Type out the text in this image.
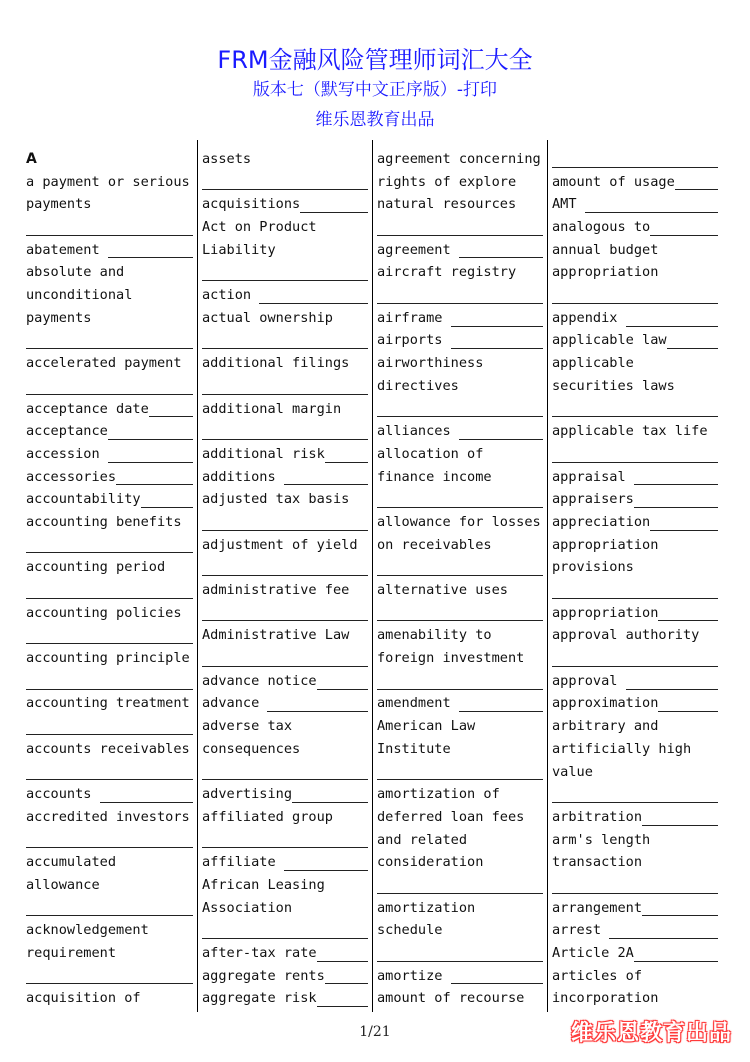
FRM金融风险管理师词汇大全
版本七（默写中文正序版）-打印
维乐恩教育出品
A
a payment or serious
payments
abatement
absolute and
unconditional
payments
accelerated payment
acceptance date
acceptance
accession
accessories
accountability
accounting benefits
accounting period
accounting policies
accounting principle
accounting treatment
accounts receivables
accounts
accredited investors
accumulated
allowance
acknowledgement
requirement
acquisition of
assets
acquisitions
Act on Product
Liability
action
actual ownership
additional filings
additional margin
additional risk
additions
adjusted tax basis
adjustment of yield
administrative fee
Administrative Law
advance notice
advance
adverse tax
consequences
advertising
affiliated group
affiliate
African Leasing
Association
after-tax rate
aggregate rents
aggregate risk
agreement concerning
rights of explore
natural resources
agreement
aircraft registry
airframe
airports
airworthiness
directives
alliances
allocation of
finance income
allowance for losses
on receivables
alternative uses
amenability to
foreign investment
amendment
American Law
Institute
amortization of
deferred loan fees
and related
consideration
amortization
schedule
amortize
amount of recourse
amount of usage
AMT
analogous to
annual budget
appropriation
appendix
applicable law
applicable
securities laws
applicable tax life
appraisal
appraisers
appreciation
appropriation
provisions
appropriation
approval authority
approval
approximation
arbitrary and
artificially high
value
arbitration
arm's length
transaction
arrangement
arrest
Article 2A
articles of
incorporation
1/21	维乐恩教育出品
